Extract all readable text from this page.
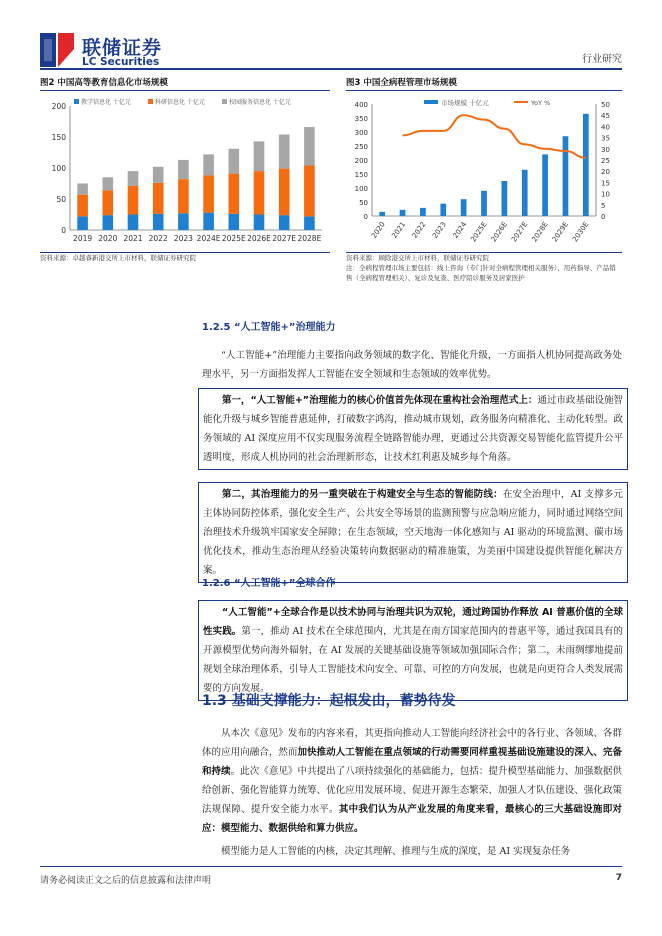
联储证券
LC Securities	行业研究
图2 中国高等教育信息化市场规模
0
50
100
150
200
2019 2020 2021 2022 2023 2024E 2025E 2026E 2027E 2028E
教学信息化 十亿元	科研信息化 十亿元	校园服务信息化 十亿元
资料来源：卓越睿新港交所上市材料，联储证券研究院
图3 中国全病程管理市场规模
0
50
100
150
200
250
300
350
400
0
5
10
15
20
25
30
35
40
45
50
2020 2021 2022 2023 2024 2025E 2026E 2027E 2028E 2029E 2030E
市场规模 十亿元	YoY %
资料来源：顾除港交所上市材料，联储证券研究院
注：全病程管理市场主要包括：线上咨询（专门针对全病程管理相关服务）、用药指导、产品销售（全病程管理相关）、复诊及复查、医疗陪诊服务及居家医护
1.2.5 “人工智能+”治理能力
“人工智能+”治理能力主要指向政务领域的数字化、智能化升级，一方面指人机协同提高政务处理水平，另一方面指发挥人工智能在安全领域和生态领域的效率优势。
第一，“人工智能+”治理能力的核心价值首先体现在重构社会治理范式上：通过市政基础设施智能化升级与城乡智能普惠延伸，打破数字鸿沟，推动城市规划，政务服务向精准化、主动化转型。政务领域的 AI 深度应用不仅实现服务流程全链路智能办理，更通过公共资源交易智能化监管提升公平透明度，形成人机协同的社会治理新形态，让技术红利惠及城乡每个角落。
第二，其治理能力的另一重突破在于构建安全与生态的智能防线：在安全治理中，AI 支撑多元主体协同防控体系，强化安全生产、公共安全等场景的监测预警与应急响应能力，同时通过网络空间治理技术升级筑牢国家安全屏障；在生态领域，空天地海一体化感知与 AI 驱动的环境监测、碳市场优化技术，推动生态治理从经验决策转向数据驱动的精准施策，为美丽中国建设提供智能化解决方案。
1.2.6 “人工智能+”全球合作
“人工智能”+全球合作是以技术协同与治理共识为双轮，通过跨国协作释放 AI 普惠价值的全球性实践。第一，推动 AI 技术在全球范围内，尤其是在南方国家范围内的普惠平等，通过我国具有的开源模型优势向海外辐射，在 AI 发展的关键基础设施等领域加强国际合作；第二，未雨绸缪地提前规划全球治理体系，引导人工智能技术向安全、可靠、可控的方向发展，也就是向更符合人类发展需要的方向发展。
1.3 基础支撑能力：起根发由，蓄势待发
从本次《意见》发布的内容来看，其更指向推动人工智能向经济社会中的各行业、各领域、各群体的应用向融合，然而加快推动人工智能在重点领域的行动需要同样重视基础设施建设的深入、完备和持续。此次《意见》中共提出了八项持续强化的基础能力，包括：提升模型基础能力、加强数据供给创新、强化智能算力统筹、优化应用发展环境、促进开源生态繁荣、加强人才队伍建设、强化政策法规保障、提升安全能力水平。其中我们认为从产业发展的角度来看，最核心的三大基础设施即对应：模型能力、数据供给和算力供应。
模型能力是人工智能的内核，决定其理解、推理与生成的深度，是 AI 实现复杂任务
请务必阅读正文之后的信息披露和法律声明	7
